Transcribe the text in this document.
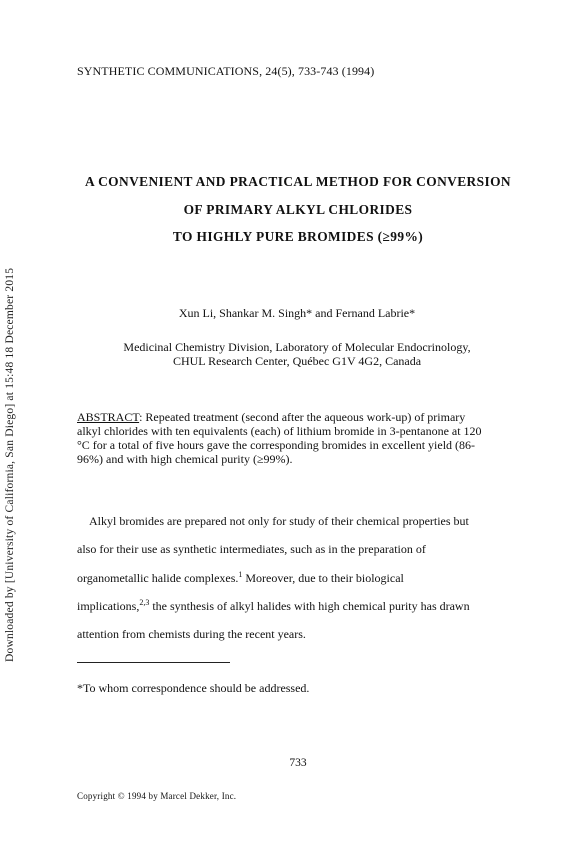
SYNTHETIC COMMUNICATIONS, 24(5), 733-743 (1994)
A CONVENIENT AND PRACTICAL METHOD FOR CONVERSION
OF PRIMARY ALKYL CHLORIDES
TO HIGHLY PURE BROMIDES (≥99%)
Xun Li, Shankar M. Singh* and Fernand Labrie*
Medicinal Chemistry Division, Laboratory of Molecular Endocrinology,
CHUL Research Center, Québec G1V 4G2, Canada
ABSTRACT: Repeated treatment (second after the aqueous work-up) of primary
alkyl chlorides with ten equivalents (each) of lithium bromide in 3-pentanone at 120
°C for a total of five hours gave the corresponding bromides in excellent yield (86-
96%) and with high chemical purity (≥99%).
Alkyl bromides are prepared not only for study of their chemical properties but
also for their use as synthetic intermediates, such as in the preparation of
organometallic halide complexes.$^1$ Moreover, due to their biological
implications,$^{2,3}$ the synthesis of alkyl halides with high chemical purity has drawn
attention from chemists during the recent years.
*To whom correspondence should be addressed.
733
Copyright © 1994 by Marcel Dekker, Inc.
Downloaded by [University of California, San Diego] at 15:48 18 December 2015
